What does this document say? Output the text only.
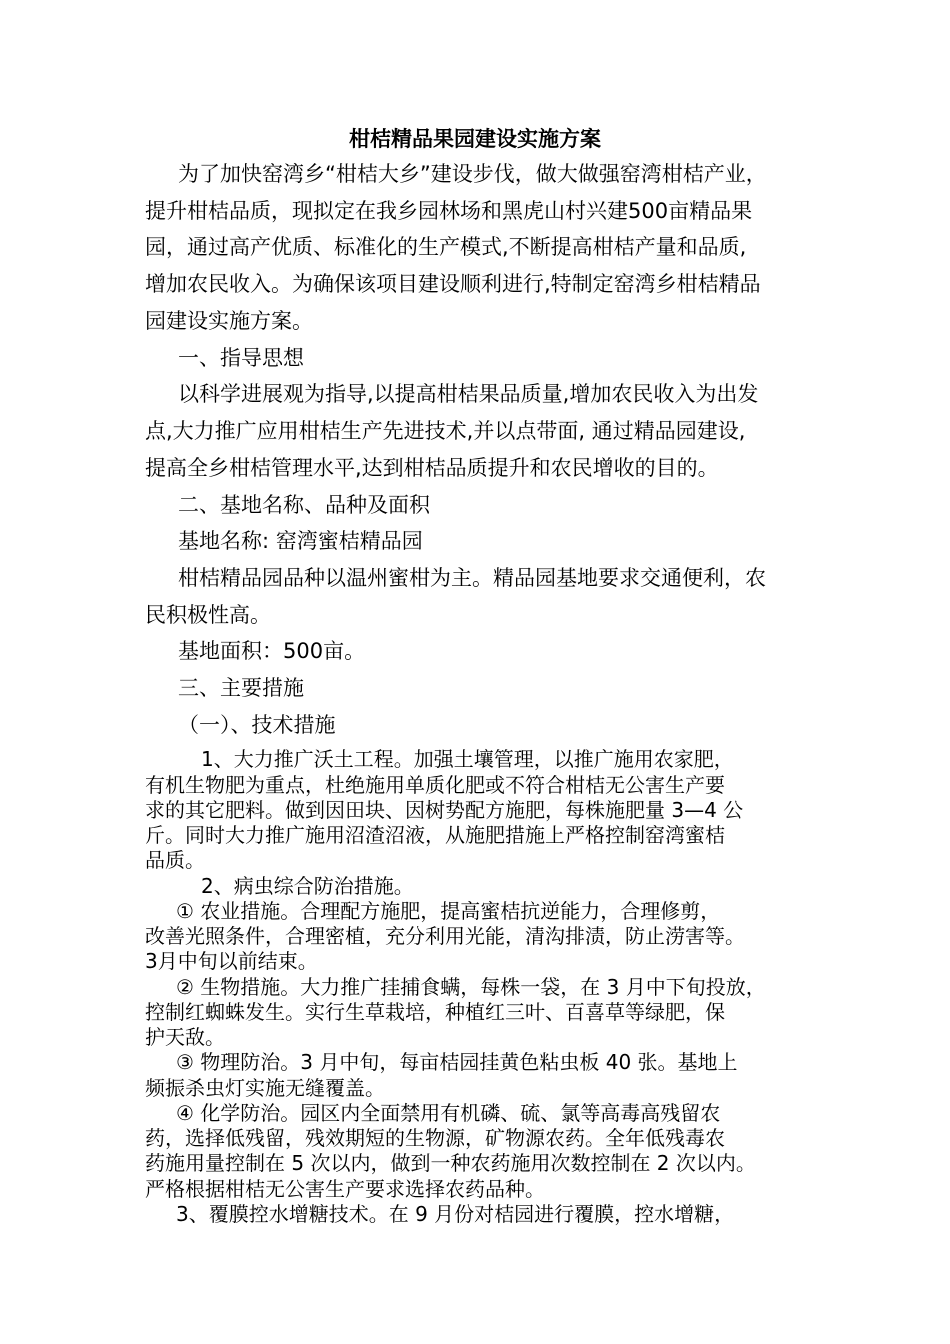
柑桔精品果园建设实施方案
为了加快窑湾乡“柑桔大乡”建设步伐，做大做强窑湾柑桔产业，
提升柑桔品质，现拟定在我乡园林场和黑虎山村兴建500亩精品果
园，通过高产优质、标准化的生产模式,不断提高柑桔产量和品质,
增加农民收入。为确保该项目建设顺利进行,特制定窑湾乡柑桔精品
园建设实施方案。
一、指导思想
以科学进展观为指导,以提高柑桔果品质量,增加农民收入为出发
点,大力推广应用柑桔生产先进技术,并以点带面, 通过精品园建设,
提高全乡柑桔管理水平,达到柑桔品质提升和农民增收的目的。
二、基地名称、品种及面积
基地名称: 窑湾蜜桔精品园
柑桔精品园品种以温州蜜柑为主。精品园基地要求交通便利，农
民积极性高。
基地面积：500亩。
三、主要措施
（一）、技术措施
1、大力推广沃土工程。加强土壤管理，以推广施用农家肥，
有机生物肥为重点，杜绝施用单质化肥或不符合柑桔无公害生产要
求的其它肥料。做到因田块、因树势配方施肥，每株施肥量 3—4 公
斤。同时大力推广施用沼渣沼液，从施肥措施上严格控制窑湾蜜桔
品质。
2、病虫综合防治措施。
① 农业措施。合理配方施肥，提高蜜桔抗逆能力，合理修剪，
改善光照条件，合理密植，充分利用光能，清沟排渍，防止涝害等。
3月中旬以前结束。
② 生物措施。大力推广挂捕食螨，每株一袋，在 3 月中下旬投放，
控制红蜘蛛发生。实行生草栽培，种植红三叶、百喜草等绿肥，保
护天敌。
③ 物理防治。3 月中旬，每亩桔园挂黄色粘虫板 40 张。基地上
频振杀虫灯实施无缝覆盖。
④ 化学防治。园区内全面禁用有机磷、硫、氯等高毒高残留农
药，选择低残留，残效期短的生物源，矿物源农药。全年低残毒农
药施用量控制在 5 次以内，做到一种农药施用次数控制在 2 次以内。
严格根据柑桔无公害生产要求选择农药品种。
3、覆膜控水增糖技术。在 9 月份对桔园进行覆膜，控水增糖，
